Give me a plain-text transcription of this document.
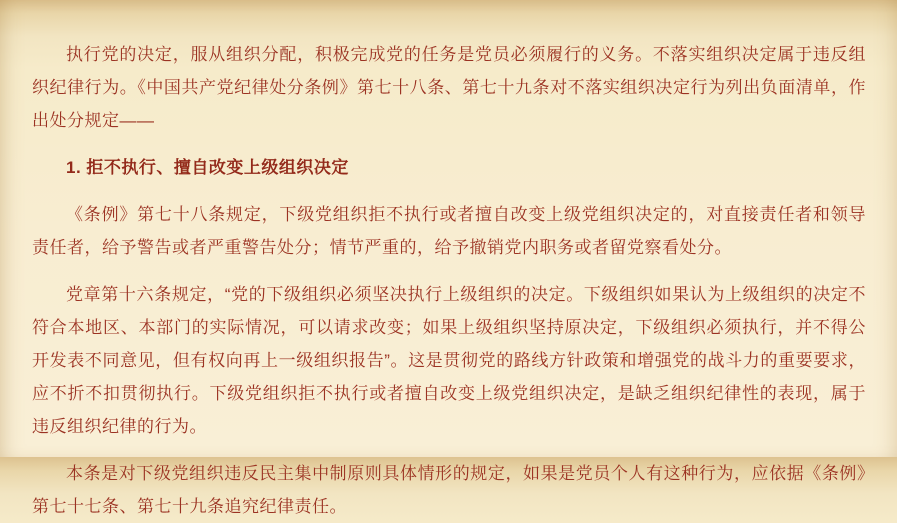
执行党的决定，服从组织分配，积极完成党的任务是党员必须履行的义务。不落实组织决定属于违反组织纪律行为。《中国共产党纪律处分条例》第七十八条、第七十九条对不落实组织决定行为列出负面清单，作出处分规定——

1. 拒不执行、擅自改变上级组织决定

《条例》第七十八条规定，下级党组织拒不执行或者擅自改变上级党组织决定的，对直接责任者和领导责任者，给予警告或者严重警告处分；情节严重的，给予撤销党内职务或者留党察看处分。

党章第十六条规定，“党的下级组织必须坚决执行上级组织的决定。下级组织如果认为上级组织的决定不符合本地区、本部门的实际情况，可以请求改变；如果上级组织坚持原决定，下级组织必须执行，并不得公开发表不同意见，但有权向再上一级组织报告”。这是贯彻党的路线方针政策和增强党的战斗力的重要要求，应不折不扣贯彻执行。下级党组织拒不执行或者擅自改变上级党组织决定，是缺乏组织纪律性的表现，属于违反组织纪律的行为。

本条是对下级党组织违反民主集中制原则具体情形的规定，如果是党员个人有这种行为，应依据《条例》第七十七条、第七十九条追究纪律责任。
